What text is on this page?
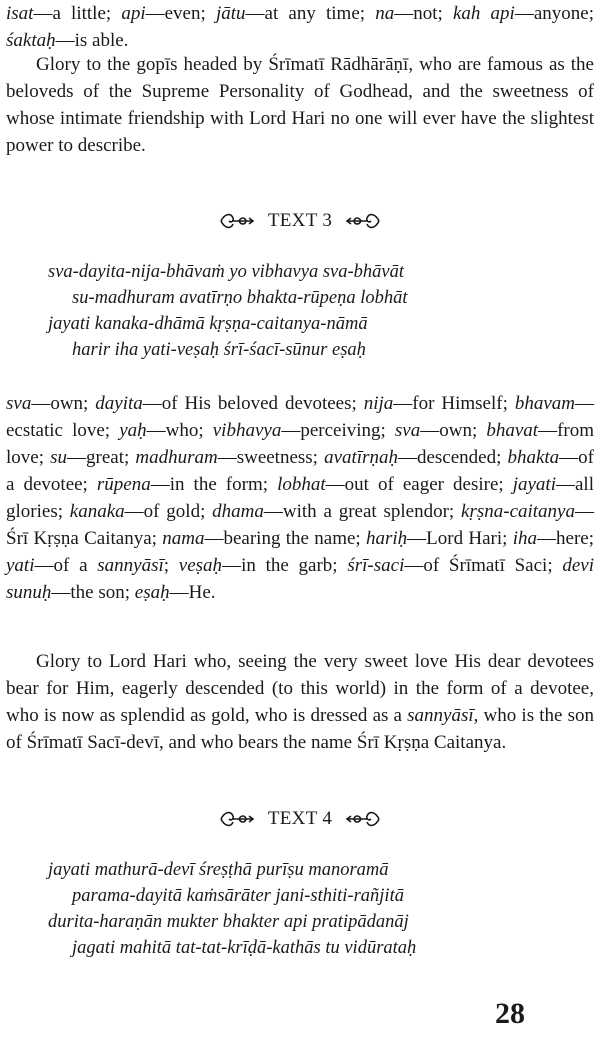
isat—a little; api—even; jātu—at any time; na—not; kah api—anyone; śaktaḥ—is able.

Glory to the gopīs headed by Śrīmatī Rādhārāṇī, who are famous as the beloveds of the Supreme Personality of Godhead, and the sweetness of whose intimate friendship with Lord Hari no one will ever have the slightest power to describe.

TEXT 3
sva-dayita-nija-bhāvaṁ yo vibhavya sva-bhāvāt
su-madhuram avatīrṇo bhakta-rūpeṇa lobhāt
jayati kanaka-dhāmā kṛṣṇa-caitanya-nāmā
harir iha yati-veṣaḥ śrī-śacī-sūnur eṣaḥ

sva—own; dayita—of His beloved devotees; nija—for Himself; bhavam—ecstatic love; yaḥ—who; vibhavya—perceiving; sva—own; bhavat—from love; su—great; madhuram—sweetness; avatīrṇaḥ—descended; bhakta—of a devotee; rūpena—in the form; lobhat—out of eager desire; jayati—all glories; kanaka—of gold; dhama—with a great splendor; kṛṣna-caitanya—Śrī Kṛṣṇa Caitanya; nama—bearing the name; hariḥ—Lord Hari; iha—here; yati—of a sannyāsī; veṣaḥ—in the garb; śrī-saci—of Śrīmatī Saci; devi sunuḥ—the son; eṣaḥ—He.

Glory to Lord Hari who, seeing the very sweet love His dear devotees bear for Him, eagerly descended (to this world) in the form of a devotee, who is now as splendid as gold, who is dressed as a sannyāsī, who is the son of Śrīmatī Sacī-devī, and who bears the name Śrī Kṛṣṇa Caitanya.

TEXT 4
jayati mathurā-devī śreṣṭhā purīṣu manoramā
parama-dayitā kaṁsārāter jani-sthiti-rañjitā
durita-haraṇān mukter bhakter api pratipādanāj
jagati mahitā tat-tat-krīḍā-kathās tu vidūrataḥ
28
